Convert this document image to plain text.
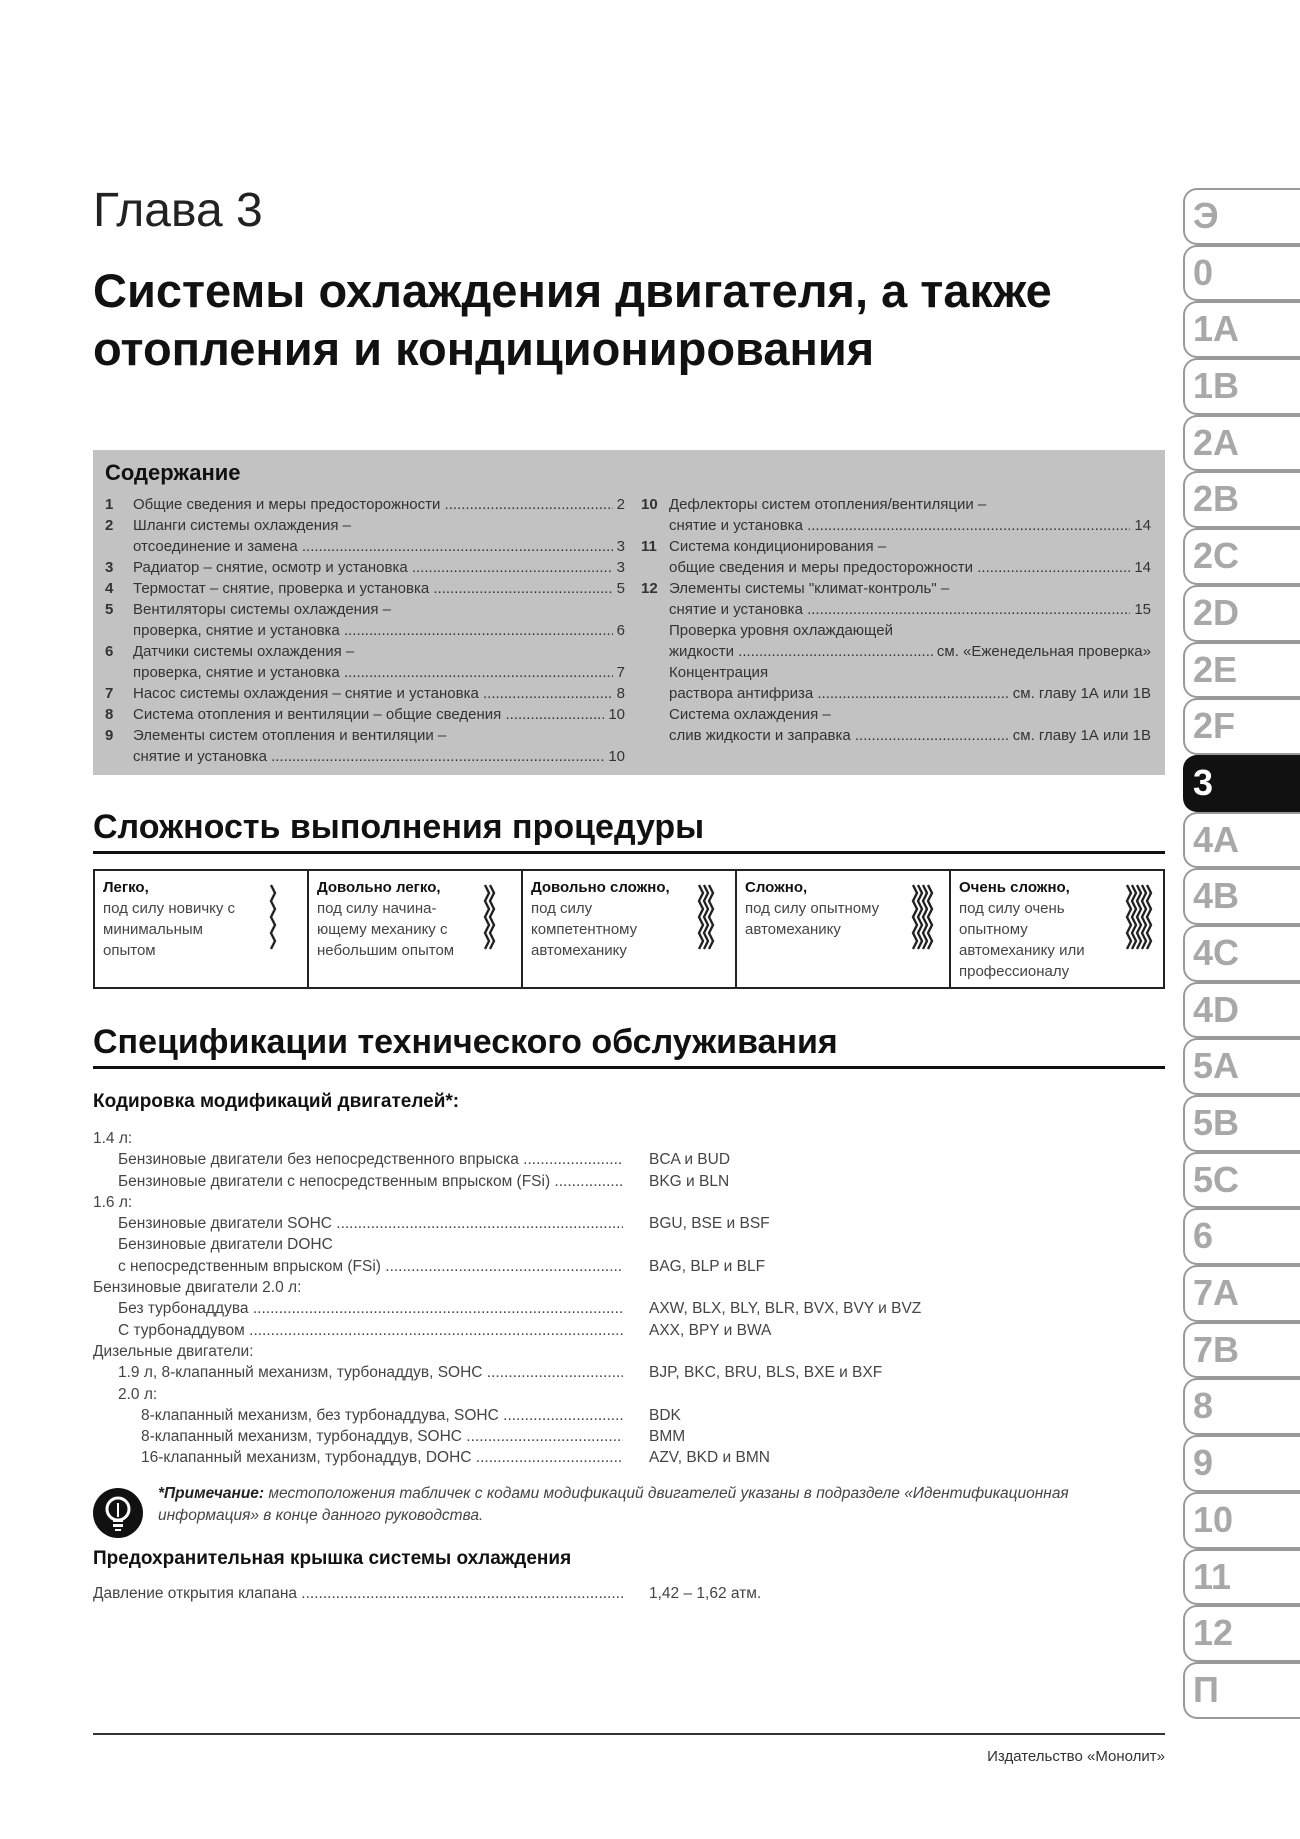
Глава 3
Системы охлаждения двигателя, а также отопления и кондиционирования
Содержание
1	Общие сведения и меры предосторожности .....	2
2	Шланги системы охлаждения –
отсоединение и замена .....	3
3	Радиатор – снятие, осмотр и установка .....	3
4	Термостат – снятие, проверка и установка .....	5
5	Вентиляторы системы охлаждения –
проверка, снятие и установка .....	6
6	Датчики системы охлаждения –
проверка, снятие и установка .....	7
7	Насос системы охлаждения – снятие и установка .....	8
8	Система отопления и вентиляции – общие сведения .....	10
9	Элементы систем отопления и вентиляции –
снятие и установка .....	10
10 Дефлекторы систем отопления/вентиляции –
снятие и установка .....	14
11 Система кондиционирования –
общие сведения и меры предосторожности .....	14
12 Элементы системы "климат-контроль" –
снятие и установка .....	15
Проверка уровня охлаждающей
жидкости .....	см. «Еженедельная проверка»
Концентрация
раствора антифриза .....	см. главу 1А или 1В
Система охлаждения –
слив жидкости и заправка .....	см. главу 1А или 1В
Сложность выполнения процедуры
Легко,
под силу новичку с минимальным опытом
Довольно легко,
под силу начина-ющему механику с небольшим опытом
Довольно сложно,
под силу компетентному автомеханику
Сложно,
под силу опытному автомеханику
Очень сложно,
под силу очень опытному автомеханику или профессионалу
Спецификации технического обслуживания
Кодировка модификаций двигателей*:
1.4 л:
Бензиновые двигатели без непосредственного впрыска .....	BCA и BUD
Бензиновые двигатели с непосредственным впрыском (FSi) .....	BKG и BLN
1.6 л:
Бензиновые двигатели SOHC .....	BGU, BSE и BSF
Бензиновые двигатели DOHC
с непосредственным впрыском (FSi) .....	BAG, BLP и BLF
Бензиновые двигатели 2.0 л:
Без турбонаддува .....	AXW, BLX, BLY, BLR, BVX, BVY и BVZ
С турбонаддувом .....	AXX, BPY и BWA
Дизельные двигатели:
1.9 л, 8-клапанный механизм, турбонаддув, SOHC .....	BJP, BKC, BRU, BLS, BXE и BXF
2.0 л:
8-клапанный механизм, без турбонаддува, SOHC .....	BDK
8-клапанный механизм, турбонаддув, SOHC .....	BMM
16-клапанный механизм, турбонаддув, DOHC .....	AZV, BKD и BMN
*Примечание: местоположения табличек с кодами модификаций двигателей указаны в подразделе «Идентификационная информация» в конце данного руководства.
Предохранительная крышка системы охлаждения
Давление открытия клапана .....	1,42 – 1,62 атм.
Издательство «Монолит»
Э
0
1A
1B
2A
2B
2C
2D
2E
2F
3
4A
4B
4C
4D
5A
5B
5C
6
7A
7B
8
9
10
11
12
П
